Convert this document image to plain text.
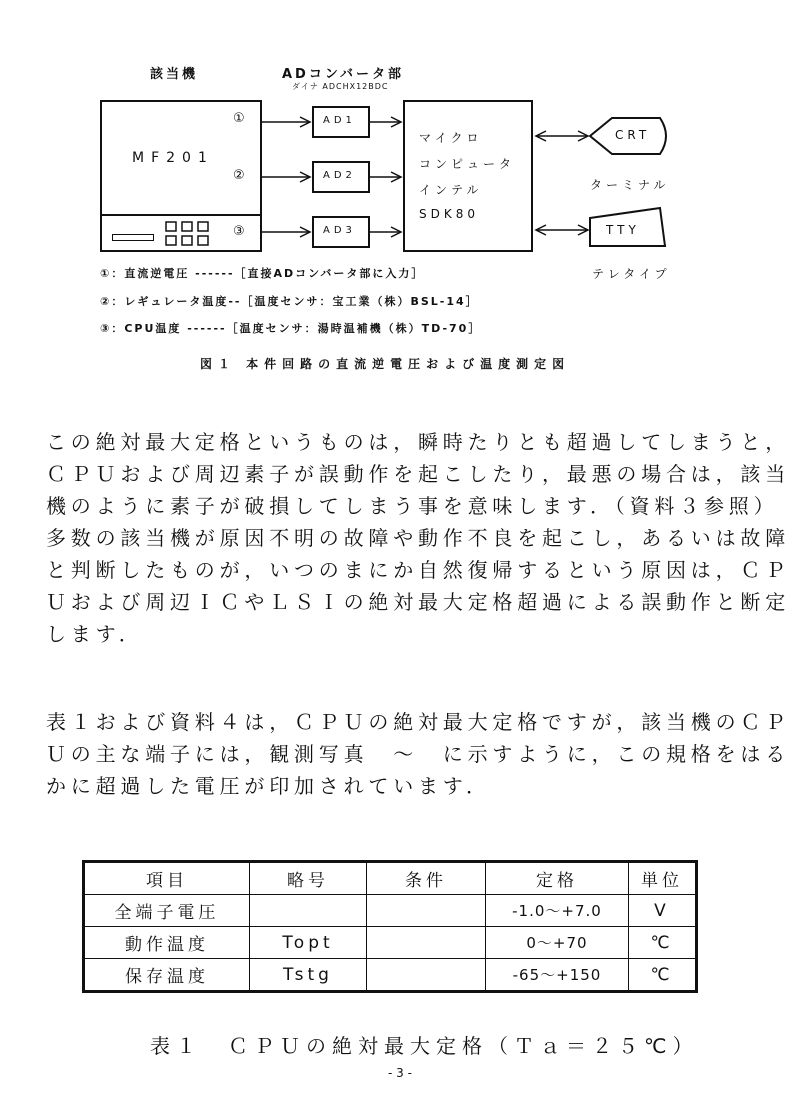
該当機	ADコンバータ部
ダイナ ADCHX12BDC
MF201
①
②
③
AD1
AD2
AD3
マイクロ
コンピュータ
インテル
SDK80
CRT
ターミナル
TTY
テレタイプ
①：直流逆電圧 ------［直接ADコンバータ部に入力］
②：レギュレータ温度--［温度センサ：宝工業（株）BSL-14］
③：CPU温度 ------［温度センサ：湯時温補機（株）TD-70］
図１ 本件回路の直流逆電圧および温度測定図
この絶対最大定格というものは，瞬時たりとも超過してしまうと，
ＣＰＵおよび周辺素子が誤動作を起こしたり，最悪の場合は，該当
機のように素子が破損してしまう事を意味します．（資料３参照）
多数の該当機が原因不明の故障や動作不良を起こし，あるいは故障
と判断したものが，いつのまにか自然復帰するという原因は，ＣＰ
Ｕおよび周辺ＩＣやＬＳＩの絶対最大定格超過による誤動作と断定
します．
表１および資料４は，ＣＰＵの絶対最大定格ですが，該当機のＣＰ
Ｕの主な端子には，観測写真　～　に示すように，この規格をはる
かに超過した電圧が印加されています．
項目	略号	条件	定格	単位
全端子電圧			-1.0～+7.0	V
動作温度	Topt		0～+70	℃
保存温度	Tstg		-65～+150	℃
表１　ＣＰＵの絶対最大定格（Ｔａ＝２５℃）
- 3 -
